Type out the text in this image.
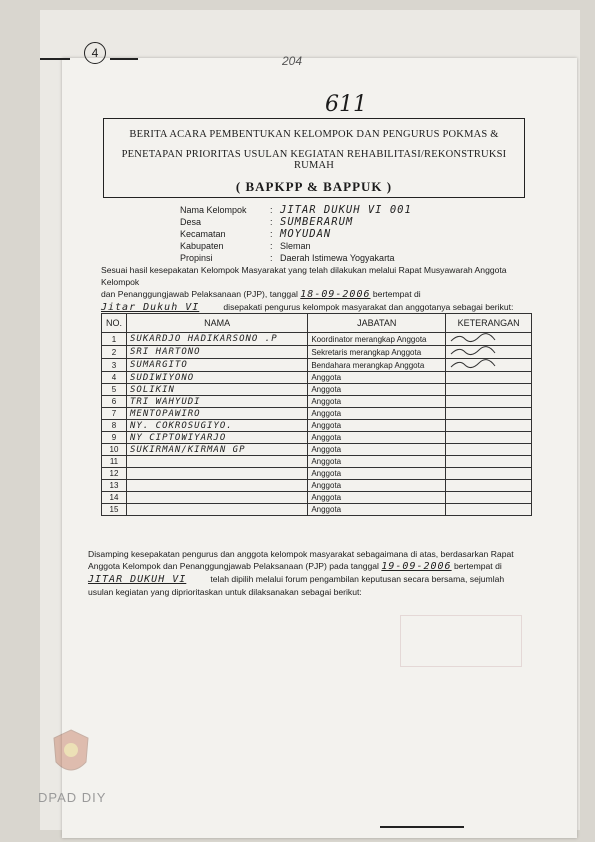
4
204
611
BERITA ACARA PEMBENTUKAN KELOMPOK DAN PENGURUS POKMAS &
PENETAPAN PRIORITAS USULAN KEGIATAN REHABILITASI/REKONSTRUKSI RUMAH
( BAPKPP & BAPPUK )
Nama Kelompok	: JITAR DUKUH VI 001
Desa	: SUMBERARUM
Kecamatan	: MOYUDAN
Kabupaten	: Sleman
Propinsi	: Daerah Istimewa Yogyakarta
Sesuai hasil kesepakatan Kelompok Masyarakat yang telah dilakukan melalui Rapat Musyawarah Anggota Kelompok
dan Penanggungjawab Pelaksanaan (PJP), tanggal 18-09-2006 bertempat di
Jitar Dukuh VI	disepakati pengurus kelompok masyarakat dan anggotanya sebagai berikut:
NO.	NAMA	JABATAN	KETERANGAN
1	SUKARDJO HADIKARSONO .P	Koordinator merangkap Anggota	
2	SRI HARTONO	Sekretaris merangkap Anggota	
3	SUMARGITO	Bendahara merangkap Anggota	
4	SUDIWIYONO	Anggota	
5	SOLIKIN	Anggota	
6	TRI WAHYUDI	Anggota	
7	MENTOPAWIRO	Anggota	
8	NY. COKROSUGIYO.	Anggota	
9	NY CIPTOWIYARJO	Anggota	
10	SUKIRMAN/KIRMAN GP	Anggota	
11		Anggota	
12		Anggota	
13		Anggota	
14		Anggota	
15		Anggota	
Disamping kesepakatan pengurus dan anggota kelompok masyarakat sebagaimana di atas, berdasarkan Rapat
Anggota Kelompok dan Penanggungjawab Pelaksanaan (PJP) pada tanggal 19-09-2006 bertempat di
JITAR DUKUH VI	telah dipilih melalui forum pengambilan keputusan secara bersama, sejumlah
usulan kegiatan yang diprioritaskan untuk dilaksanakan sebagai berikut:
DPAD DIY
